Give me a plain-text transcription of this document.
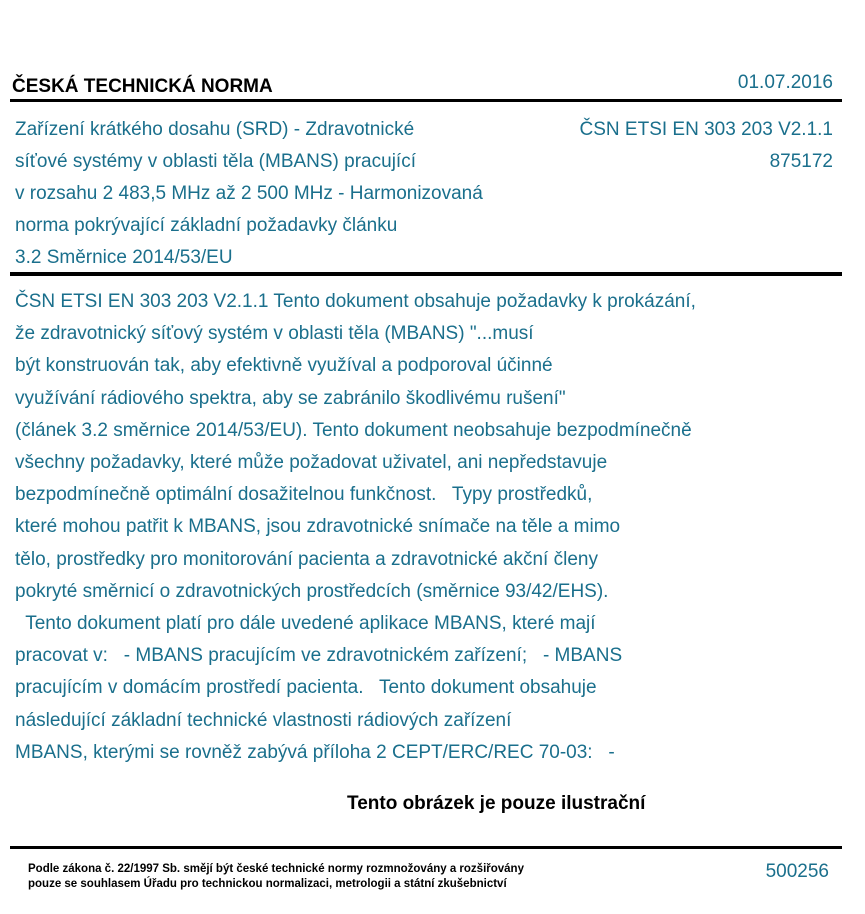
ČESKÁ TECHNICKÁ NORMA	01.07.2016
Zařízení krátkého dosahu (SRD) - Zdravotnické
síťové systémy v oblasti těla (MBANS) pracující
v rozsahu 2 483,5 MHz až 2 500 MHz - Harmonizovaná
norma pokrývající základní požadavky článku
3.2 Směrnice 2014/53/EU
ČSN ETSI EN 303 203 V2.1.1
875172
ČSN ETSI EN 303 203 V2.1.1 Tento dokument obsahuje požadavky k prokázání,
že zdravotnický síťový systém v oblasti těla (MBANS) "...musí
být konstruován tak, aby efektivně využíval a podporoval účinné
využívání rádiového spektra, aby se zabránilo škodlivému rušení"
(článek 3.2 směrnice 2014/53/EU). Tento dokument neobsahuje bezpodmínečně
všechny požadavky, které může požadovat uživatel, ani nepředstavuje
bezpodmínečně optimální dosažitelnou funkčnost.   Typy prostředků,
které mohou patřit k MBANS, jsou zdravotnické snímače na těle a mimo
tělo, prostředky pro monitorování pacienta a zdravotnické akční členy
pokryté směrnicí o zdravotnických prostředcích (směrnice 93/42/EHS).
Tento dokument platí pro dále uvedené aplikace MBANS, které mají
pracovat v:   - MBANS pracujícím ve zdravotnickém zařízení;   - MBANS
pracujícím v domácím prostředí pacienta.   Tento dokument obsahuje
následující základní technické vlastnosti rádiových zařízení
MBANS, kterými se rovněž zabývá příloha 2 CEPT/ERC/REC 70-03:   -
Tento obrázek je pouze ilustrační
Podle zákona č. 22/1997 Sb. smějí být české technické normy rozmnožovány a rozšiřovány
pouze se souhlasem Úřadu pro technickou normalizaci, metrologii a státní zkušebnictví
500256
